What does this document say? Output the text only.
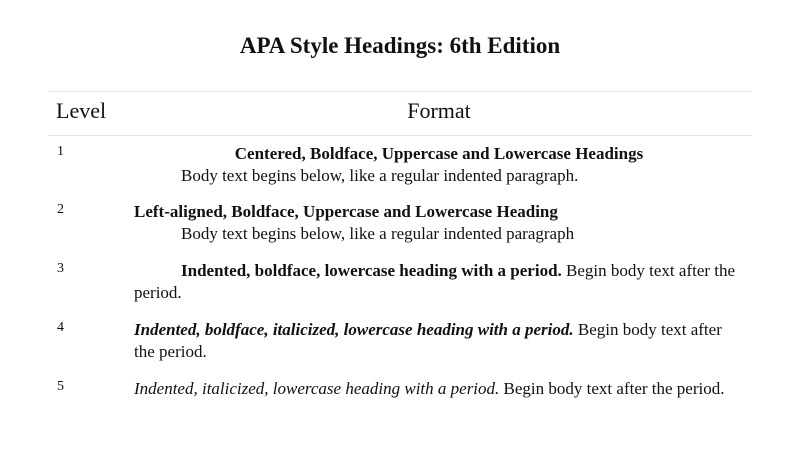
APA Style Headings: 6th Edition
Level	Format
1	Centered, Boldface, Uppercase and Lowercase Headings

Body text begins below, like a regular indented paragraph.

2	Left-aligned, Boldface, Uppercase and Lowercase Heading

Body text begins below, like a regular indented paragraph

3	Indented, boldface, lowercase heading with a period. Begin body text after the period.

4	Indented, boldface, italicized, lowercase heading with a period. Begin body text after the period.

5	Indented, italicized, lowercase heading with a period. Begin body text after the period.
